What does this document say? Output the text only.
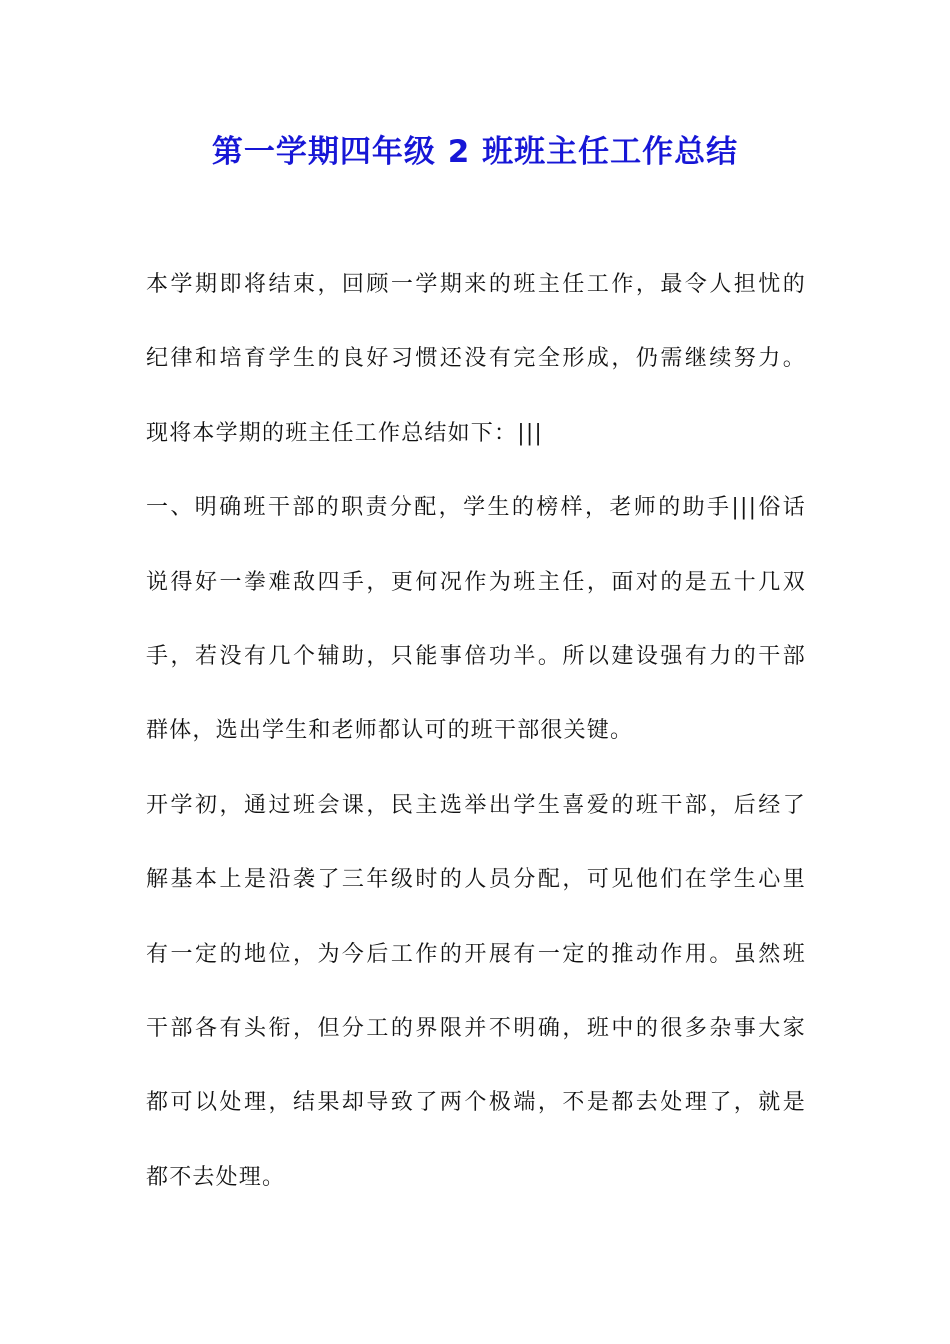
第一学期四年级 2 班班主任工作总结

本学期即将结束，回顾一学期来的班主任工作，最令人担忧的

纪律和培育学生的良好习惯还没有完全形成，仍需继续努力。

现将本学期的班主任工作总结如下：|||

一、明确班干部的职责分配，学生的榜样，老师的助手|||俗话

说得好一拳难敌四手，更何况作为班主任，面对的是五十几双

手，若没有几个辅助，只能事倍功半。所以建设强有力的干部

群体，选出学生和老师都认可的班干部很关键。

开学初，通过班会课，民主选举出学生喜爱的班干部，后经了

解基本上是沿袭了三年级时的人员分配，可见他们在学生心里

有一定的地位，为今后工作的开展有一定的推动作用。虽然班

干部各有头衔，但分工的界限并不明确，班中的很多杂事大家

都可以处理，结果却导致了两个极端，不是都去处理了，就是

都不去处理。
